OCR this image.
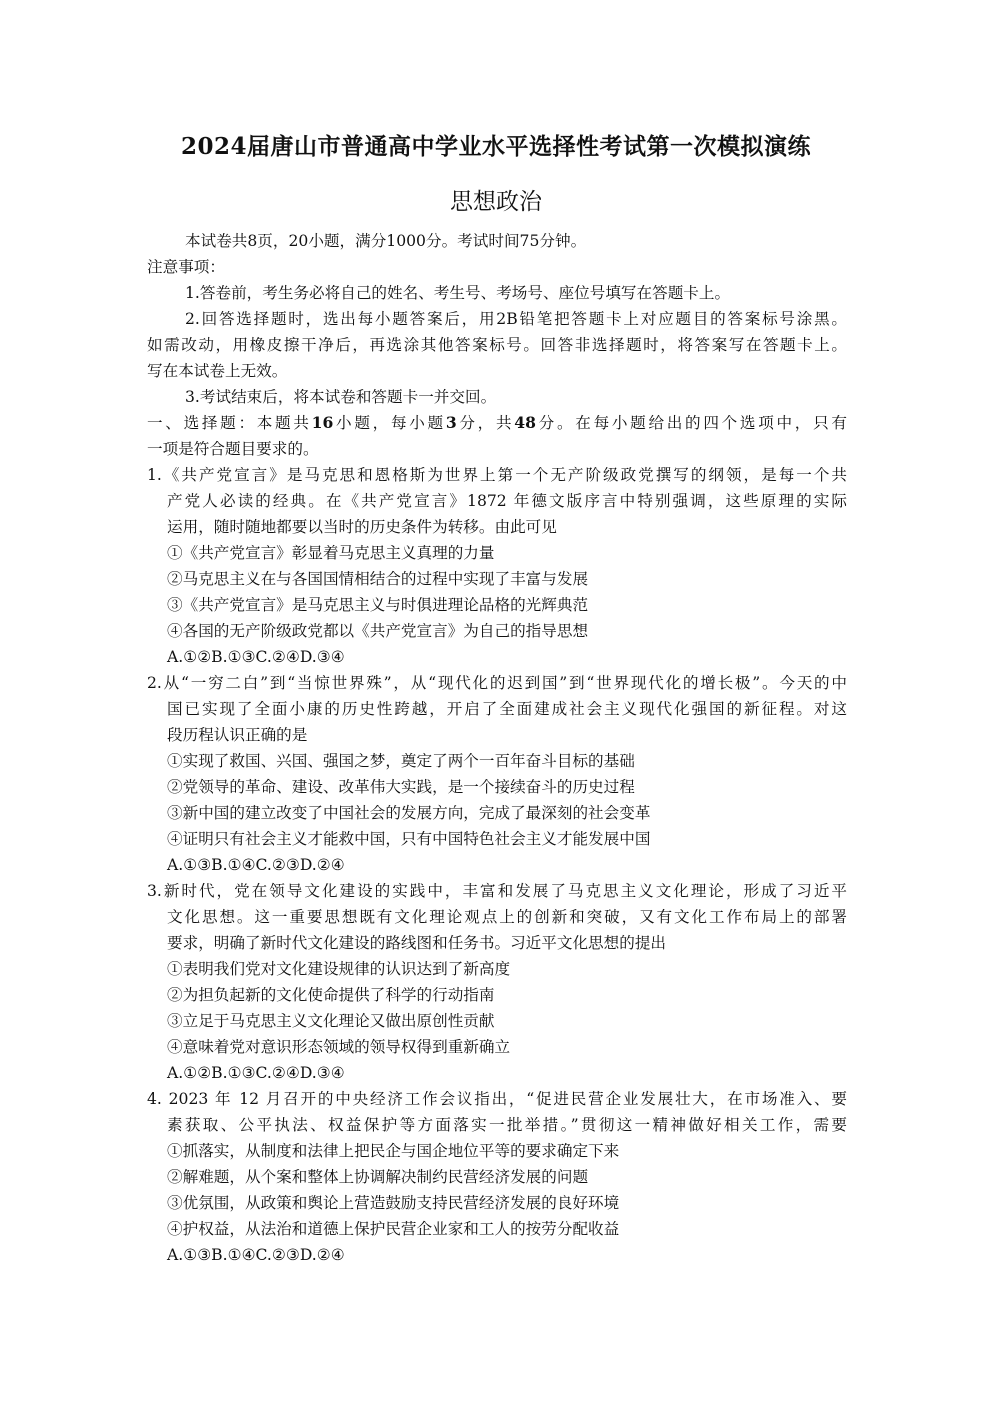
2024届唐山市普通高中学业水平选择性考试第一次模拟演练
思想政治
本试卷共8页，20小题，满分1000分。考试时间75分钟。
注意事项：
1.答卷前，考生务必将自己的姓名、考生号、考场号、座位号填写在答题卡上。
2.回答选择题时，选出每小题答案后，用2B铅笔把答题卡上对应题目的答案标号涂黑。
如需改动，用橡皮擦干净后，再选涂其他答案标号。回答非选择题时，将答案写在答题卡上。
写在本试卷上无效。
3.考试结束后，将本试卷和答题卡一并交回。
一、选择题：本题共16小题，每小题3分，共48分。在每小题给出的四个选项中，只有
一项是符合题目要求的。
1.《共产党宣言》是马克思和恩格斯为世界上第一个无产阶级政党撰写的纲领，是每一个共
产党人必读的经典。在《共产党宣言》1872 年德文版序言中特别强调，这些原理的实际
运用，随时随地都要以当时的历史条件为转移。由此可见
①《共产党宣言》彰显着马克思主义真理的力量
②马克思主义在与各国国情相结合的过程中实现了丰富与发展
③《共产党宣言》是马克思主义与时俱进理论品格的光辉典范
④各国的无产阶级政党都以《共产党宣言》为自己的指导思想
A.①②B.①③C.②④D.③④
2.从“一穷二白”到“当惊世界殊”，从“现代化的迟到国”到“世界现代化的增长极”。今天的中
国已实现了全面小康的历史性跨越，开启了全面建成社会主义现代化强国的新征程。对这
段历程认识正确的是
①实现了救国、兴国、强国之梦，奠定了两个一百年奋斗目标的基础
②党领导的革命、建设、改革伟大实践，是一个接续奋斗的历史过程
③新中国的建立改变了中国社会的发展方向，完成了最深刻的社会变革
④证明只有社会主义才能救中国，只有中国特色社会主义才能发展中国
A.①③B.①④C.②③D.②④
3.新时代，党在领导文化建设的实践中，丰富和发展了马克思主义文化理论，形成了习近平
文化思想。这一重要思想既有文化理论观点上的创新和突破，又有文化工作布局上的部署
要求，明确了新时代文化建设的路线图和任务书。习近平文化思想的提出
①表明我们党对文化建设规律的认识达到了新高度
②为担负起新的文化使命提供了科学的行动指南
③立足于马克思主义文化理论又做出原创性贡献
④意味着党对意识形态领域的领导权得到重新确立
A.①②B.①③C.②④D.③④
4. 2023 年 12 月召开的中央经济工作会议指出，“促进民营企业发展壮大，在市场准入、要
素获取、公平执法、权益保护等方面落实一批举措。”贯彻这一精神做好相关工作，需要
①抓落实，从制度和法律上把民企与国企地位平等的要求确定下来
②解难题，从个案和整体上协调解决制约民营经济发展的问题
③优氛围，从政策和舆论上营造鼓励支持民营经济发展的良好环境
④护权益，从法治和道德上保护民营企业家和工人的按劳分配收益
A.①③B.①④C.②③D.②④
